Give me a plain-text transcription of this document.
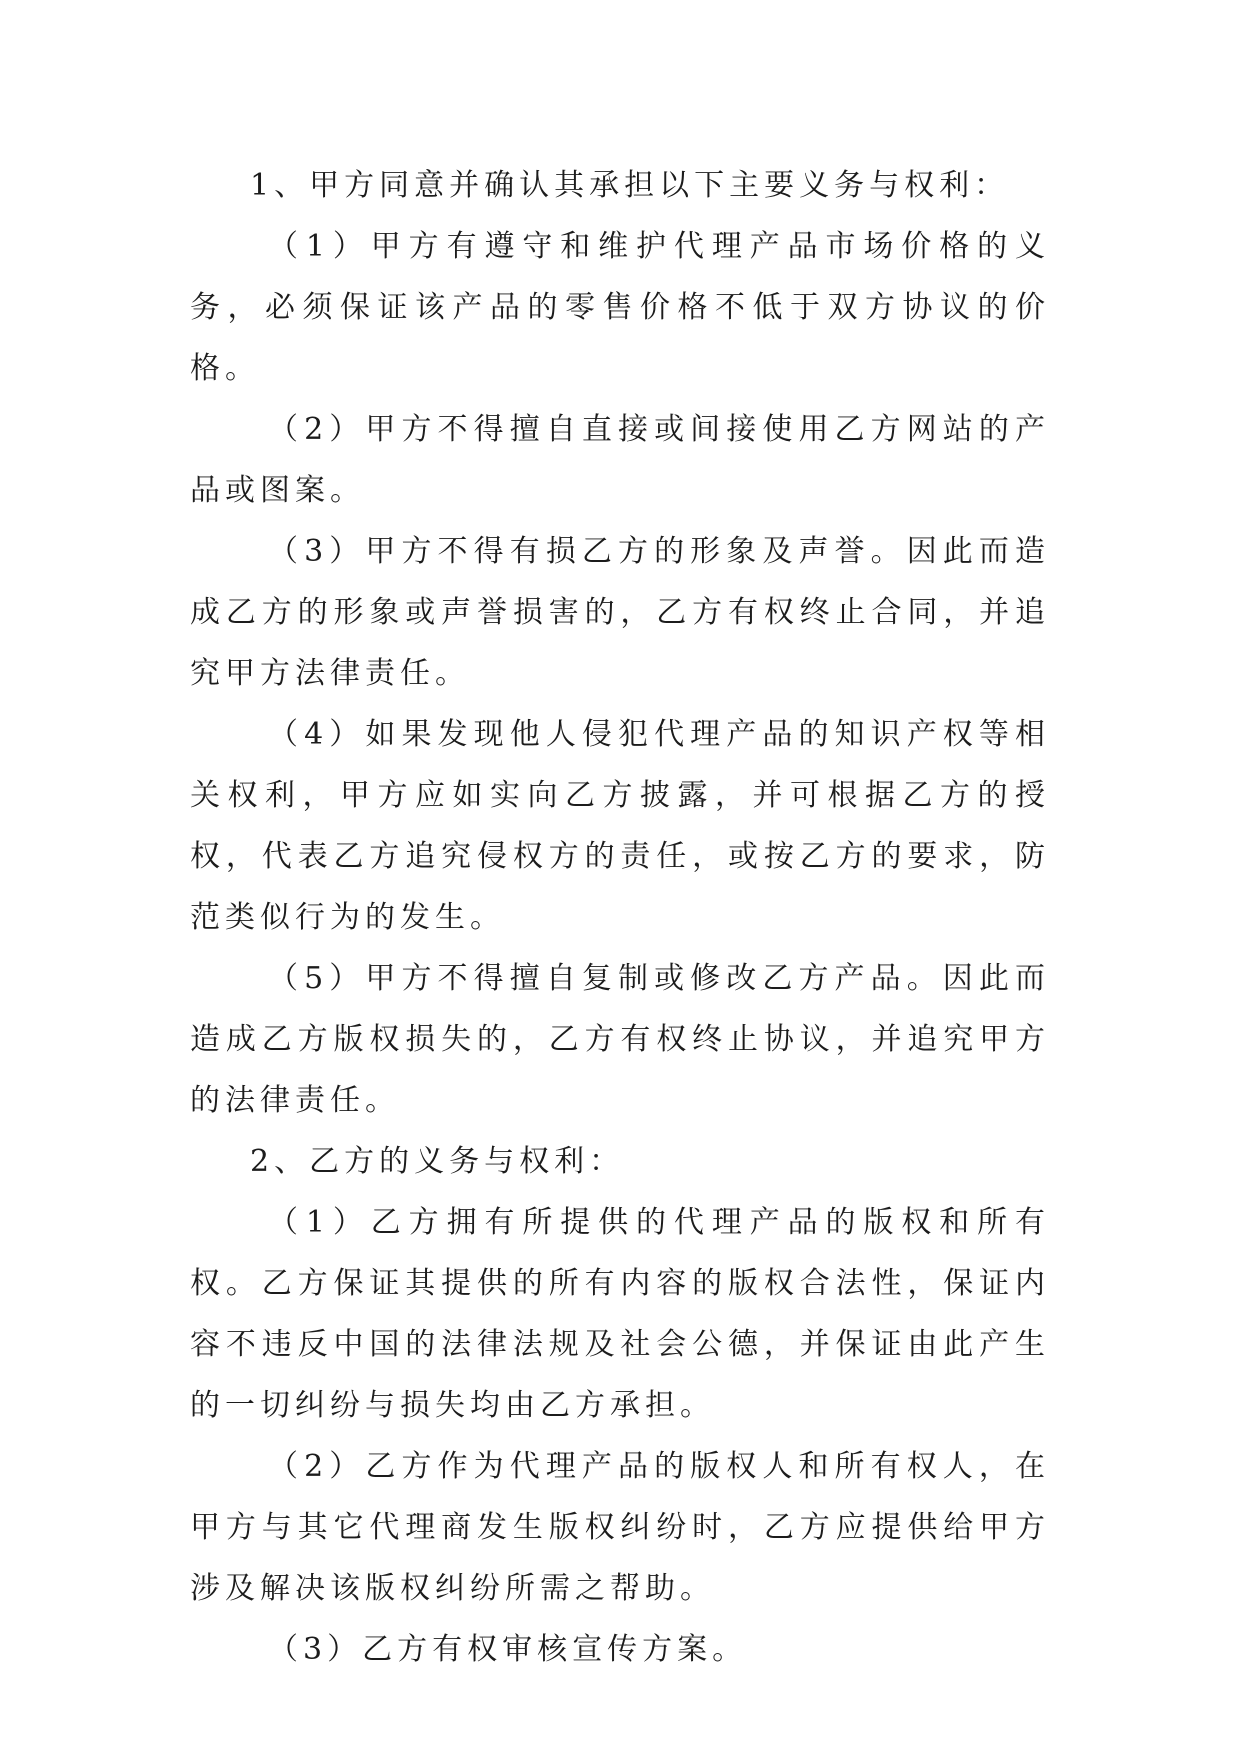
1、甲方同意并确认其承担以下主要义务与权利：

（1）甲方有遵守和维护代理产品市场价格的义务，必须保证该产品的零售价格不低于双方协议的价格。

（2）甲方不得擅自直接或间接使用乙方网站的产品或图案。

（3）甲方不得有损乙方的形象及声誉。因此而造成乙方的形象或声誉损害的，乙方有权终止合同，并追究甲方法律责任。

（4）如果发现他人侵犯代理产品的知识产权等相关权利，甲方应如实向乙方披露，并可根据乙方的授权，代表乙方追究侵权方的责任，或按乙方的要求，防范类似行为的发生。

（5）甲方不得擅自复制或修改乙方产品。因此而造成乙方版权损失的，乙方有权终止协议，并追究甲方的法律责任。

2、乙方的义务与权利：

（1）乙方拥有所提供的代理产品的版权和所有权。乙方保证其提供的所有内容的版权合法性，保证内容不违反中国的法律法规及社会公德，并保证由此产生的一切纠纷与损失均由乙方承担。

（2）乙方作为代理产品的版权人和所有权人，在甲方与其它代理商发生版权纠纷时，乙方应提供给甲方涉及解决该版权纠纷所需之帮助。

（3）乙方有权审核宣传方案。
